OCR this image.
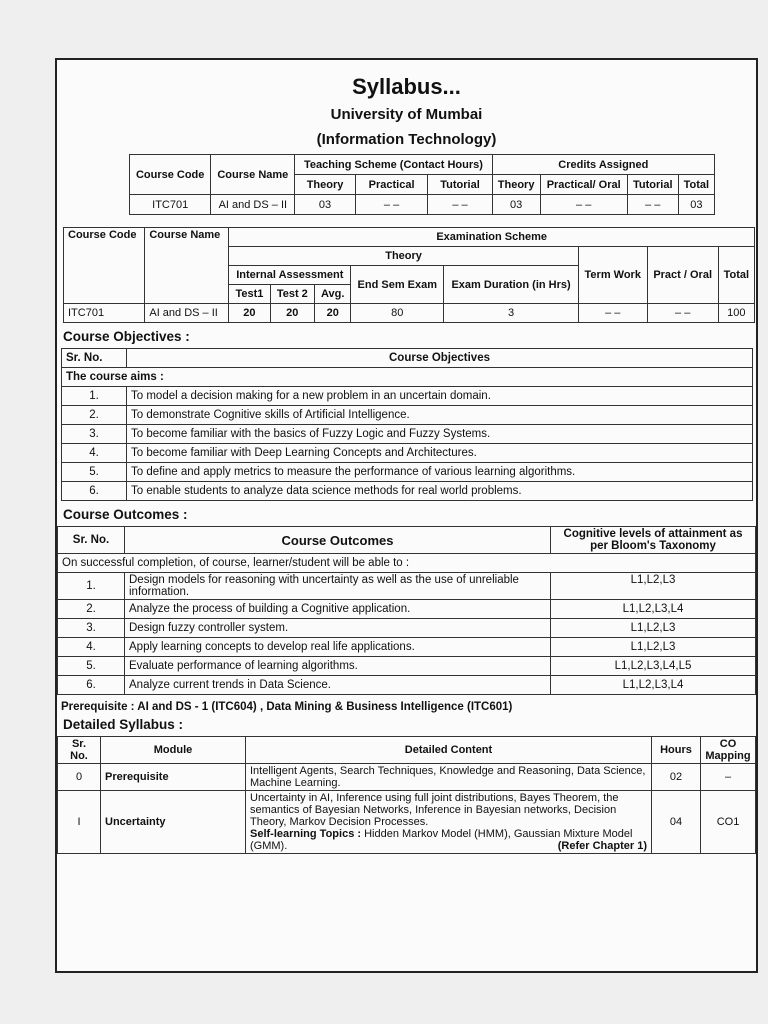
Syllabus...
University of Mumbai
(Information Technology)
Course Code	Course Name	Teaching Scheme (Contact Hours)			Credits Assigned			
		Theory	Practical	Tutorial	Theory	Practical/ Oral	Tutorial	Total
ITC701	AI and DS – II	03	– –	– –	03	– –	– –	03
Course Code	Course Name	Examination Scheme							
		Theory					Term Work	Pract / Oral	Total
		Internal Assessment			End Sem Exam	Exam Duration (in Hrs)			
		Test1	Test 2	Avg.					
ITC701	AI and DS – II	20	20	20	80	3	– –	– –	100
Course Objectives :
Sr. No.	Course Objectives
The course aims :	
1.	To model a decision making for a new problem in an uncertain domain.
2.	To demonstrate Cognitive skills of Artificial Intelligence.
3.	To become familiar with the basics of Fuzzy Logic and Fuzzy Systems.
4.	To become familiar with Deep Learning Concepts and Architectures.
5.	To define and apply metrics to measure the performance of various learning algorithms.
6.	To enable students to analyze data science methods for real world problems.
Course Outcomes :
Sr. No.	Course Outcomes	Cognitive levels of attainment as per Bloom's Taxonomy
On successful completion, of course, learner/student will be able to :		
1.	Design models for reasoning with uncertainty as well as the use of unreliable information.	L1,L2,L3
2.	Analyze the process of building a Cognitive application.	L1,L2,L3,L4
3.	Design fuzzy controller system.	L1,L2,L3
4.	Apply learning concepts to develop real life applications.	L1,L2,L3
5.	Evaluate performance of learning algorithms.	L1,L2,L3,L4,L5
6.	Analyze current trends in Data Science.	L1,L2,L3,L4
Prerequisite : AI and DS - 1 (ITC604) , Data Mining & Business Intelligence (ITC601)
Detailed Syllabus :
Sr. No.	Module	Detailed Content	Hours	CO Mapping
0	Prerequisite	Intelligent Agents, Search Techniques, Knowledge and Reasoning, Data Science, Machine Learning.	02	–
I	Uncertainty	Uncertainty in AI, Inference using full joint distributions, Bayes Theorem, the semantics of Bayesian Networks, Inference in Bayesian networks, Decision Theory, Markov Decision Processes.
Self-learning Topics : Hidden Markov Model (HMM), Gaussian Mixture Model (GMM). (Refer Chapter 1)	04	CO1
